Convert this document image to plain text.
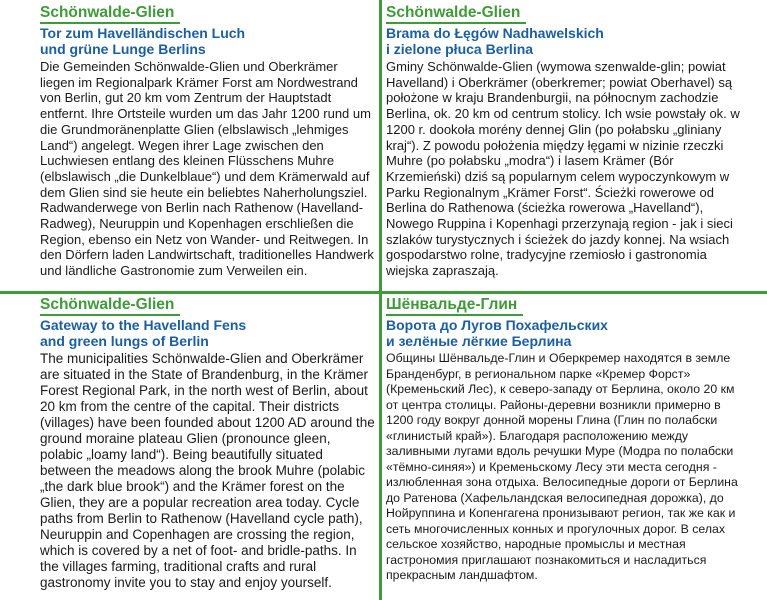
Schönwalde-Glien
Tor zum Havelländischen Luch
und grüne Lunge Berlins
Die Gemeinden Schönwalde-Glien und Oberkrämer liegen im Regionalpark Krämer Forst am Nordwestrand von Berlin, gut 20 km vom Zentrum der Hauptstadt entfernt. Ihre Ortsteile wurden um das Jahr 1200 rund um die Grundmoränenplatte Glien (elbslawisch „lehmiges Land“) angelegt. Wegen ihrer Lage zwischen den Luchwiesen entlang des kleinen Flüsschens Muhre (elbslawisch „die Dunkelblaue“) und dem Krämerwald auf dem Glien sind sie heute ein beliebtes Naherholungsziel. Radwanderwege von Berlin nach Rathenow (Havelland-Radweg), Neuruppin und Kopenhagen erschließen die Region, ebenso ein Netz von Wander- und Reitwegen. In den Dörfern laden Landwirtschaft, traditionelles Handwerk und ländliche Gastronomie zum Verweilen ein.
Schönwalde-Glien
Brama do Łęgów Nadhawelskich
i zielone płuca Berlina
Gminy Schönwalde-Glien (wymowa szenwalde-glin; powiat Havelland) i Oberkrämer (oberkremer; powiat Oberhavel) są położone w kraju Brandenburgii, na północnym zachodzie Berlina, ok. 20 km od centrum stolicy. Ich wsie powstały ok. w 1200 r. dookoła morény dennej Glin (po połabsku „gliniany kraj“). Z powodu położenia między łęgami w nizinie rzeczki Muhre (po połabsku „modra“) i lasem Krämer (Bór Krzemieński) dziś są popularnym celem wypoczynkowym w Parku Regionalnym „Krämer Forst“. Ścieżki rowerowe od Berlina do Rathenowa (ścieżka rowerowa „Havelland“), Nowego Ruppina i Kopenhagi przerzynają region - jak i sieci szlaków turystycznych i ścieżek do jazdy konnej. Na wsiach gospodarstwo rolne, tradycyjne rzemiosło i gastronomia wiejska zapraszają.
Schönwalde-Glien
Gateway to the Havelland Fens
and green lungs of Berlin
The municipalities Schönwalde-Glien and Oberkrämer are situated in the State of Brandenburg, in the Krämer Forest Regional Park, in the north west of Berlin, about 20 km from the centre of the capital. Their districts (villages) have been founded about 1200 AD around the ground moraine plateau Glien (pronounce gleen, polabic „loamy land“). Being beautifully situated between the meadows along the brook Muhre (polabic „the dark blue brook“) and the Krämer forest on the Glien, they are a popular recreation area today. Cycle paths from Berlin to Rathenow (Havelland cycle path), Neuruppin and Copenhagen are crossing the region, which is covered by a net of foot- and bridle-paths. In the villages farming, traditional crafts and rural gastronomy invite you to stay and enjoy yourself.
Шёнвальде-Глин
Ворота до Лугов Похафельских
и зелёные лёгкие Берлина
Общины Шёнвальде-Глин и Оберкремер находятся в земле Бранденбург, в региональном парке «Кремер Форст» (Кременьский Лес), к северо-западу от Берлина, около 20 км от центра столицы. Районы-деревни возникли примерно в 1200 году вокруг донной морены Глина (Глин по полабски «глинистый край»). Благодаря расположению между заливными лугами вдоль речушки Муре (Модра по полабски «тёмно-синяя») и Кременьскому Лесу эти места сегодня - излюбленная зона отдыха. Велосипедные дороги от Берлина до Ратенова (Хафельландская велосипедная дорожка), до Нойруппина и Копенгагена пронизывают регион, так же как и сеть многочисленных конных и прогулочных дорог. В селах сельское хозяйство, народные промыслы и местная гастрономия приглашают познакомиться и насладиться прекрасным ландшафтом.
